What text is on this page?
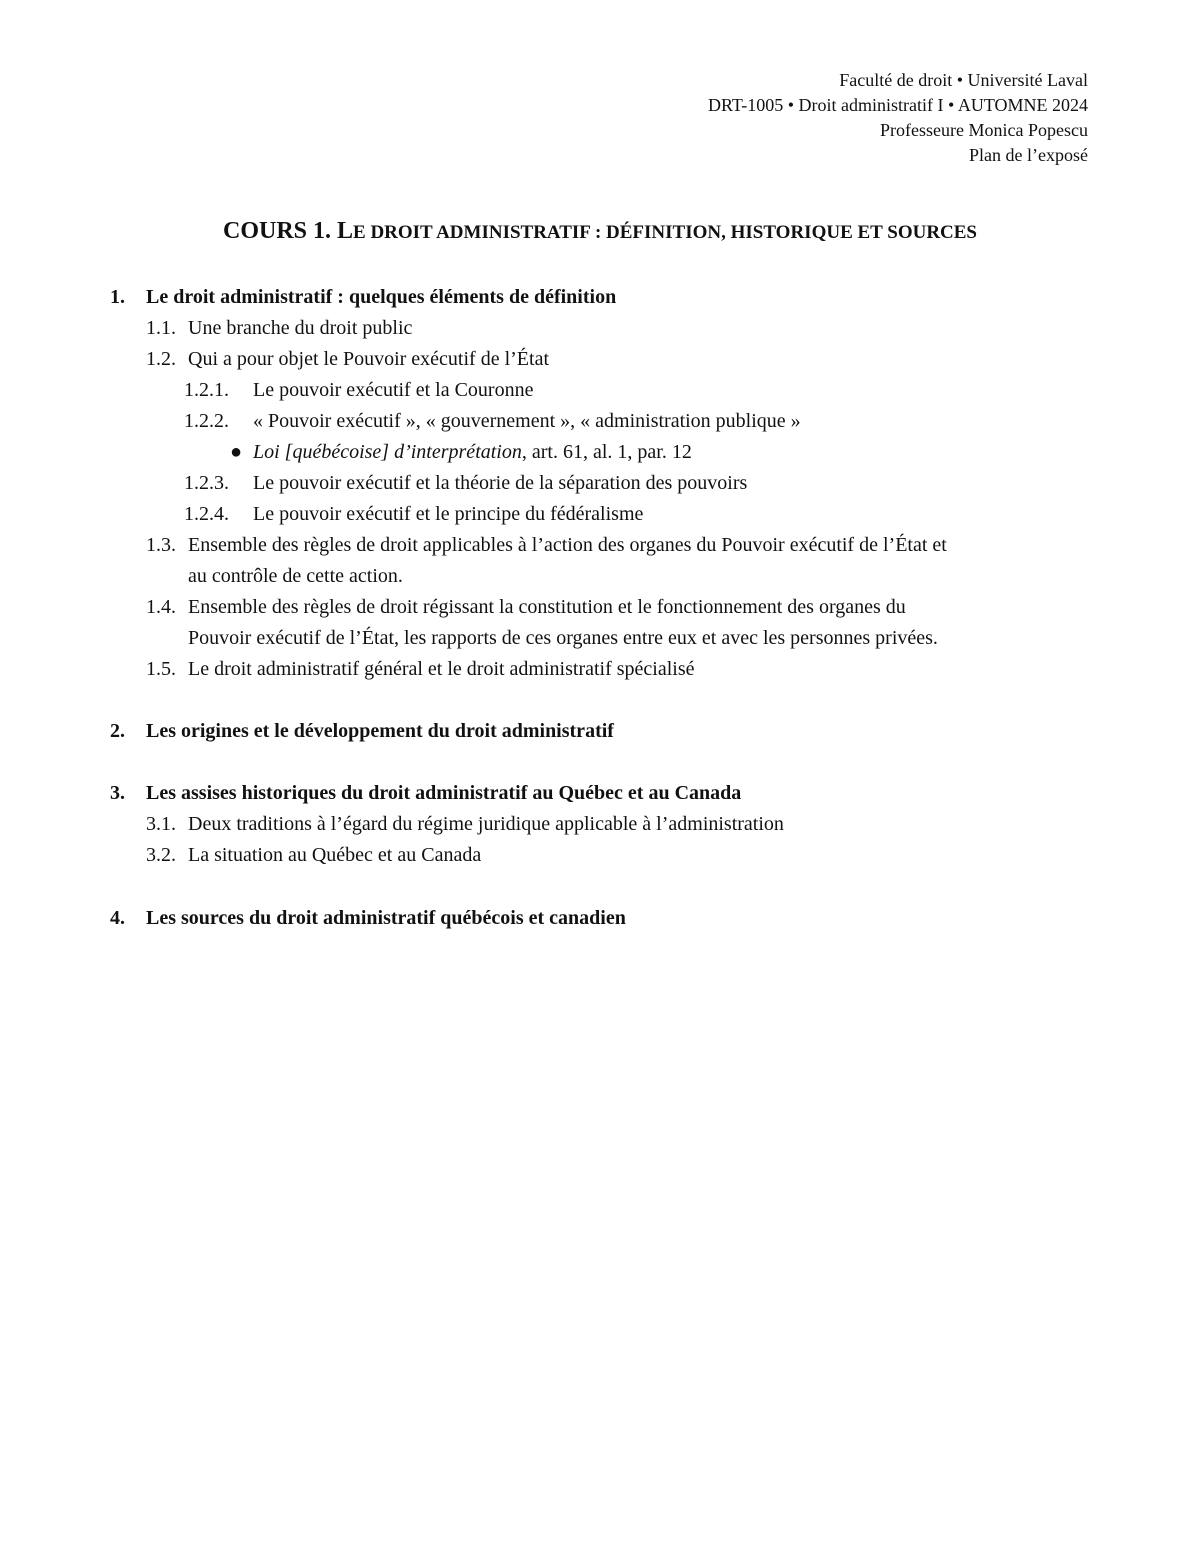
Faculté de droit • Université Laval
DRT-1005 • Droit administratif I • AUTOMNE 2024
Professeure Monica Popescu
Plan de l’exposé
COURS 1. LE DROIT ADMINISTRATIF : DÉFINITION, HISTORIQUE ET SOURCES
1. Le droit administratif : quelques éléments de définition
1.1. Une branche du droit public
1.2. Qui a pour objet le Pouvoir exécutif de l’État
1.2.1. Le pouvoir exécutif et la Couronne
1.2.2. « Pouvoir exécutif », « gouvernement », « administration publique »
● Loi [québécoise] d’interprétation, art. 61, al. 1, par. 12
1.2.3. Le pouvoir exécutif et la théorie de la séparation des pouvoirs
1.2.4. Le pouvoir exécutif et le principe du fédéralisme
1.3. Ensemble des règles de droit applicables à l’action des organes du Pouvoir exécutif de l’État et
au contrôle de cette action.
1.4. Ensemble des règles de droit régissant la constitution et le fonctionnement des organes du
Pouvoir exécutif de l’État, les rapports de ces organes entre eux et avec les personnes privées.
1.5. Le droit administratif général et le droit administratif spécialisé
2. Les origines et le développement du droit administratif
3. Les assises historiques du droit administratif au Québec et au Canada
3.1. Deux traditions à l’égard du régime juridique applicable à l’administration
3.2. La situation au Québec et au Canada
4. Les sources du droit administratif québécois et canadien
